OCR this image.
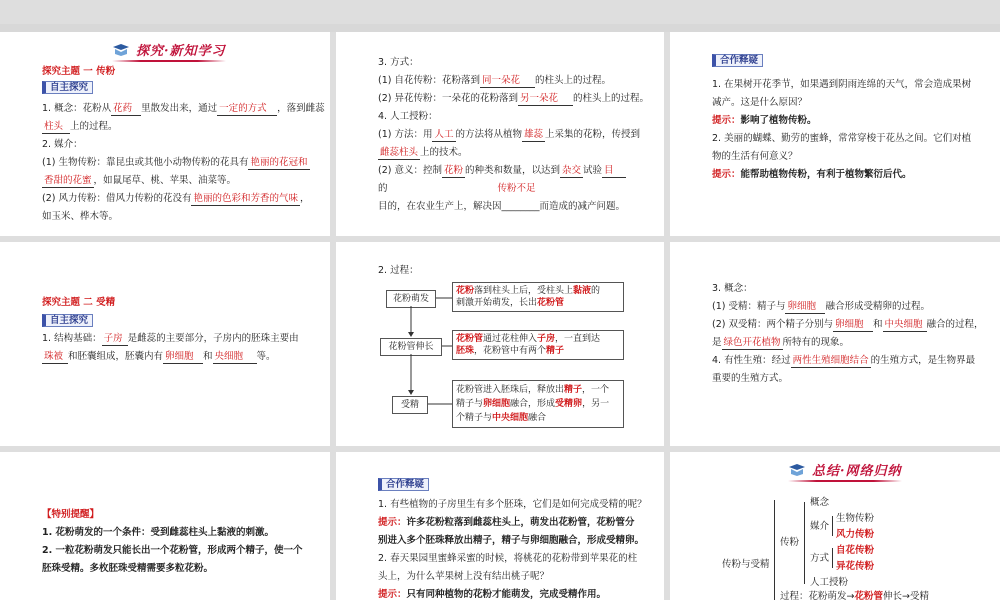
探究·新知学习
探究主题 一 传粉
自主探究
1. 概念：花粉从 花药 里散发出来，通过 一定的方式 ，落到雌蕊
柱头 上的过程。
2. 媒介：
(1) 生物传粉：靠昆虫或其他小动物传粉的花具有 艳丽的花冠和
香甜的花蜜 ，如鼠尾草、桃、苹果、油菜等。
(2) 风力传粉：借风力传粉的花没有 艳丽的色彩和芳香的气味 ，
如玉米、桦木等。
3. 方式：
(1) 自花传粉：花粉落到 同一朵花 的柱头上的过程。
(2) 异花传粉：一朵花的花粉落到 另一朵花 的柱头上的过程。
4. 人工授粉：
(1) 方法：用 人工 的方法将从植物 雄蕊 上采集的花粉，传授到
雌蕊柱头 上的技术。
(2) 意义：控制 花粉 的种类和数量，以达到 杂交 试验 目
的	传粉不足
目的，在农业生产上，解决因________而造成的减产问题。
合作释疑
1. 在果树开花季节，如果遇到阴雨连绵的天气，常会造成果树
减产。这是什么原因？
提示：影响了植物传粉。
2. 美丽的蝴蝶、勤劳的蜜蜂，常常穿梭于花丛之间。它们对植
物的生活有何意义？
提示：能帮助植物传粉，有利于植物繁衍后代。
探究主题 二 受精
自主探究
1. 结构基础： 子房 是雌蕊的主要部分，子房内的胚珠主要由
珠被 和胚囊组成，胚囊内有 卵细胞 和 央细胞 等。
2. 过程：
花粉萌发
花粉管伸长
受精
花粉落到柱头上后，受柱头上黏液的
刺激开始萌发，长出花粉管
花粉管通过花柱伸入子房，一直到达
胚珠，花粉管中有两个精子
花粉管进入胚珠后，释放出精子，一个
精子与卵细胞融合，形成受精卵，另一
个精子与中央细胞融合
3. 概念：
(1) 受精：精子与 卵细胞 融合形成受精卵的过程。
(2) 双受精：两个精子分别与 卵细胞 和 中央细胞 融合的过程，
是 绿色开花植物 所特有的现象。
4. 有性生殖：经过 两性生殖细胞结合 的生殖方式，是生物界最
重要的生殖方式。
【特别提醒】
1. 花粉萌发的一个条件：受到雌蕊柱头上黏液的刺激。
2. 一粒花粉萌发只能长出一个花粉管，形成两个精子，使一个
胚珠受精。多枚胚珠受精需要多粒花粉。
合作释疑
1. 有些植物的子房里生有多个胚珠，它们是如何完成受精的呢？
提示：许多花粉粒落到雌蕊柱头上，萌发出花粉管，花粉管分
别进入多个胚珠释放出精子，精子与卵细胞融合，形成受精卵。
2. 春天果园里蜜蜂采蜜的时候，将桃花的花粉带到苹果花的柱
头上，为什么苹果树上没有结出桃子呢？
提示：只有同种植物的花粉才能萌发，完成受精作用。
总结·网络归纳
传粉与受精
传粉
概念
媒介
生物传粉
风力传粉
方式
自花传粉
异花传粉
人工授粉
过程：花粉萌发→花粉管伸长→受精
